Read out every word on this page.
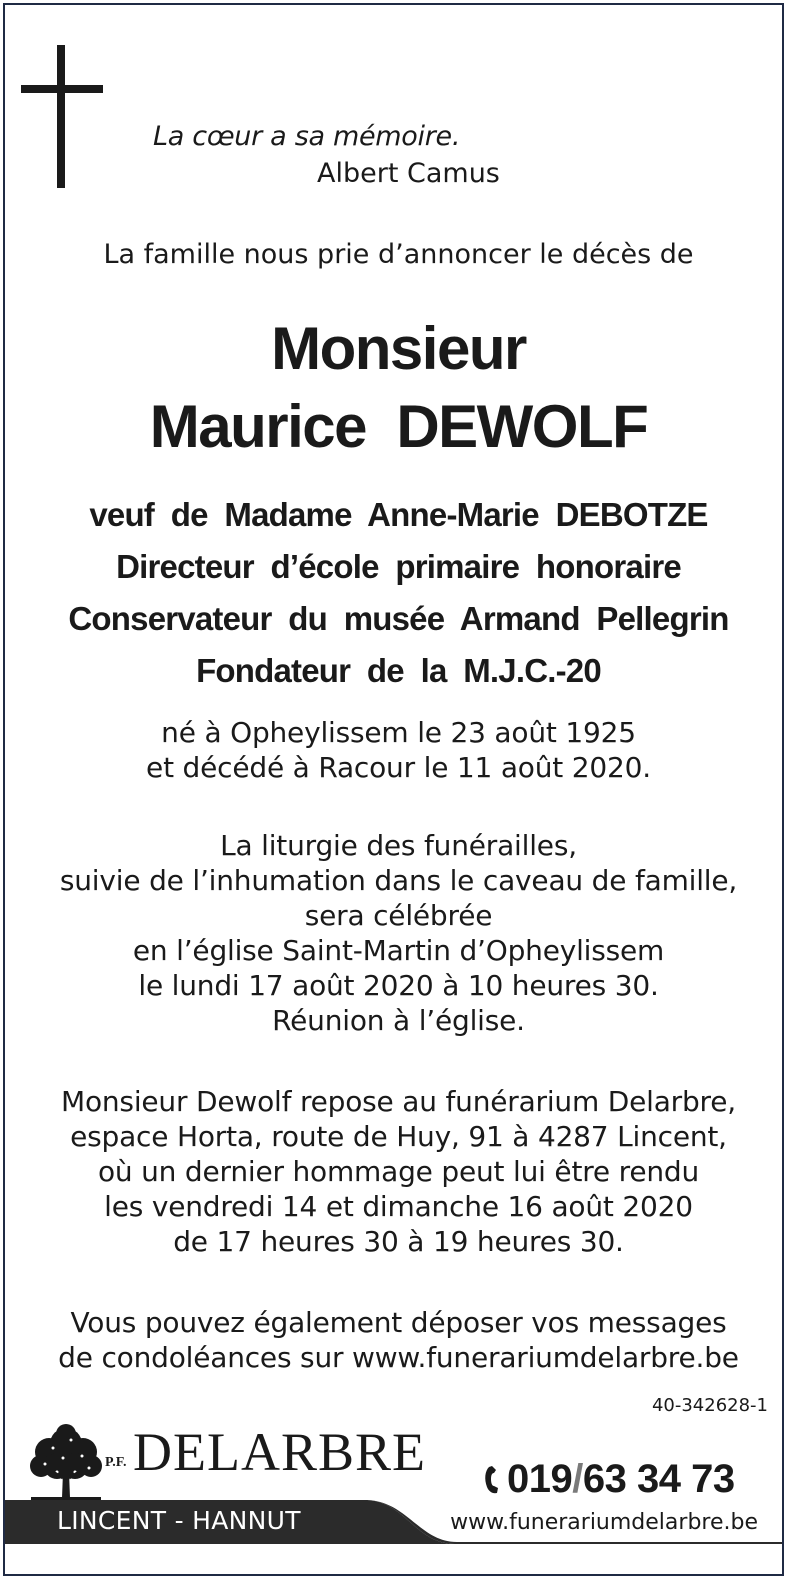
La cœur a sa mémoire.
Albert Camus
La famille nous prie d’annoncer le décès de
Monsieur
Maurice  DEWOLF
veuf  de  Madame  Anne-Marie  DEBOTZE
Directeur  d’école  primaire  honoraire
Conservateur  du  musée  Armand  Pellegrin
Fondateur  de  la  M.J.C.-20
né à Opheylissem le 23 août 1925
et décédé à Racour le 11 août 2020.
La liturgie des funérailles,
suivie de l’inhumation dans le caveau de famille,
sera célébrée
en l’église Saint-Martin d’Opheylissem
le lundi 17 août 2020 à 10 heures 30.
Réunion à l’église.
Monsieur Dewolf repose au funérarium Delarbre,
espace Horta, route de Huy, 91 à 4287 Lincent,
où un dernier hommage peut lui être rendu
les vendredi 14 et dimanche 16 août 2020
de 17 heures 30 à 19 heures 30.
Vous pouvez également déposer vos messages
de condoléances sur www.funerariumdelarbre.be
40-342628-1
P.F. DELARBRE 019/63 34 73
LINCENT - HANNUT	www.funerariumdelarbre.be
